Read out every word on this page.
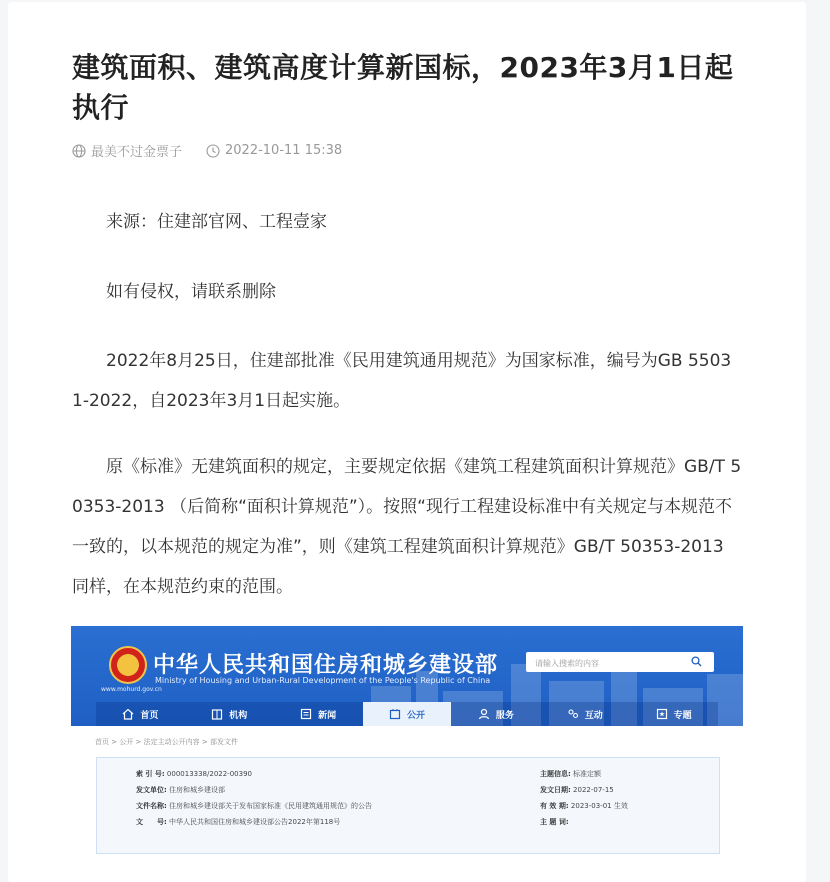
建筑面积、建筑高度计算新国标，2023年3月1日起执行
最美不过金票子	2022-10-11 15:38

来源：住建部官网、工程壹家

如有侵权，请联系删除

2022年8月25日，住建部批准《民用建筑通用规范》为国家标准，编号为GB 55031-2022，自2023年3月1日起实施。

原《标准》无建筑面积的规定，主要规定依据《建筑工程建筑面积计算规范》GB/T 50353-2013 （后简称“面积计算规范”）。按照“现行工程建设标准中有关规定与本规范不一致的，以本规范的规定为准”，则《建筑工程建筑面积计算规范》GB/T 50353-2013 同样，在本规范约束的范围。

www.mohurd.gov.cn
中华人民共和国住房和城乡建设部
Ministry of Housing and Urban-Rural Development of the People's Republic of China
请输入搜索的内容
首页	机构	新闻	公开	服务	互动	专题
首页 > 公开 > 法定主动公开内容 > 部发文件
索 引 号: 000013338/2022-00390	主题信息: 标准定额
发文单位: 住房和城乡建设部	发文日期: 2022-07-15
文件名称: 住房和城乡建设部关于发布国家标准《民用建筑通用规范》的公告	有 效 期: 2023-03-01 生效
文　　号: 中华人民共和国住房和城乡建设部公告2022年第118号	主 题 词:
